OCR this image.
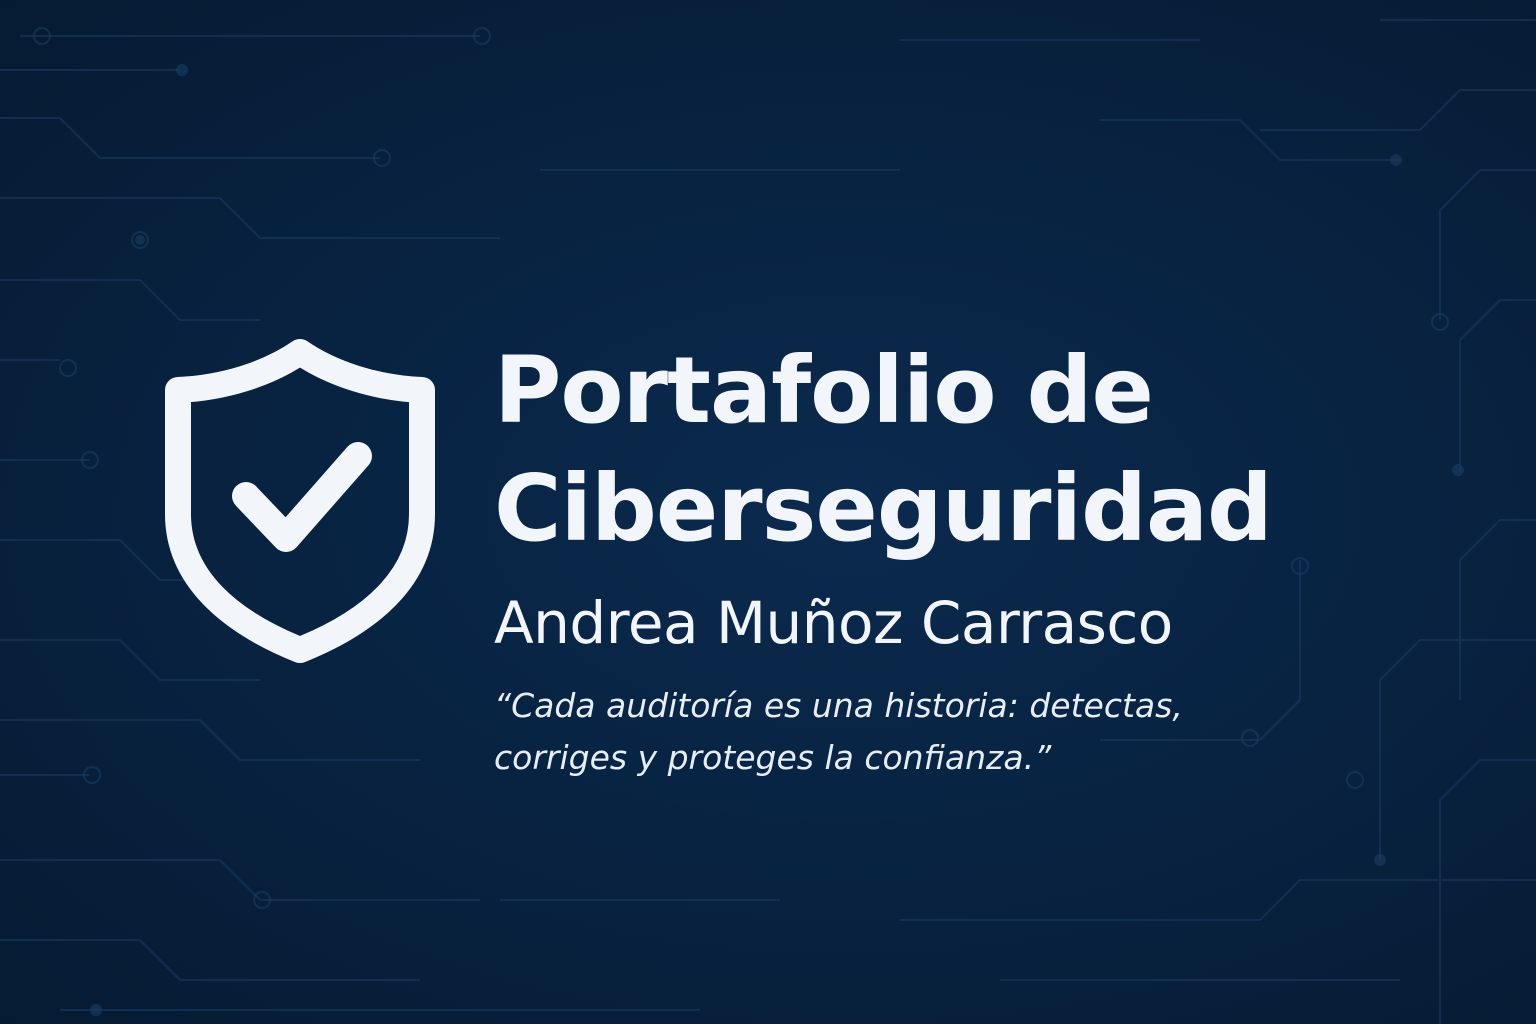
Portafolio de
Ciberseguridad
Andrea Muñoz Carrasco
“Cada auditoría es una historia: detectas,
corriges y proteges la confianza.”
